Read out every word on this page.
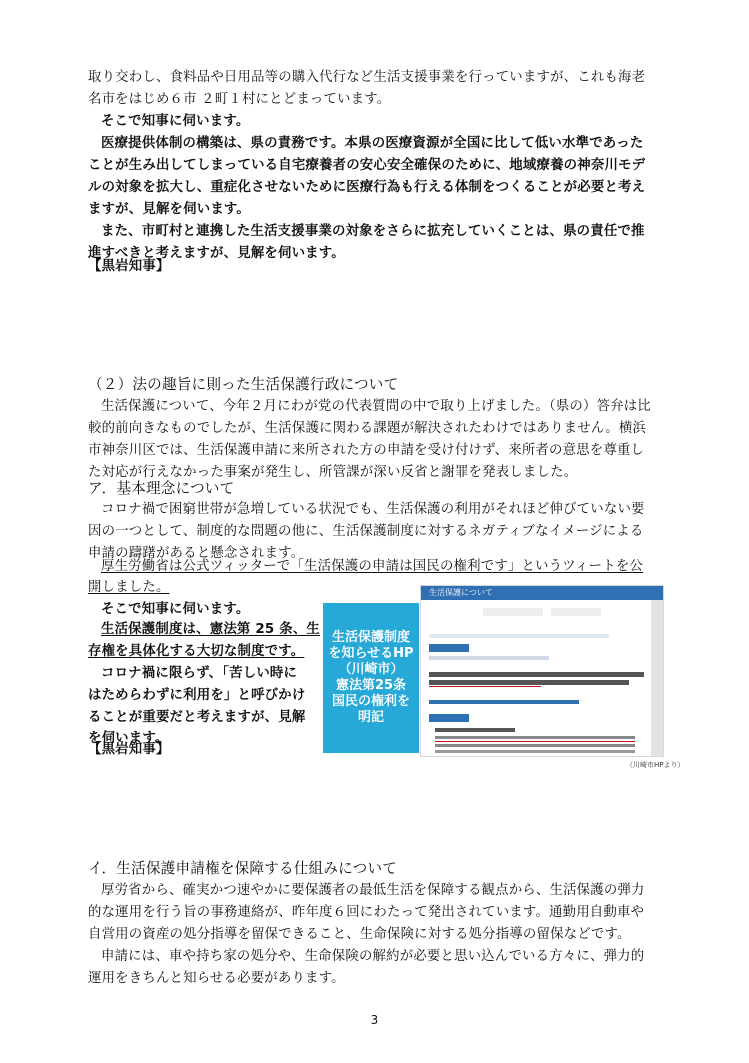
取り交わし、食料品や日用品等の購入代行など生活支援事業を行っていますが、これも海老
名市をはじめ６市 ２町１村にとどまっています。
そこで知事に伺います。
医療提供体制の構築は、県の責務です。本県の医療資源が全国に比して低い水準であった
ことが生み出してしまっている自宅療養者の安心安全確保のために、地域療養の神奈川モデ
ルの対象を拡大し、重症化させないために医療行為も行える体制をつくることが必要と考え
ますが、見解を伺います。
また、市町村と連携した生活支援事業の対象をさらに拡充していくことは、県の責任で推
進すべきと考えますが、見解を伺います。
【黒岩知事】
（２）法の趣旨に則った生活保護行政について
生活保護について、今年２月にわが党の代表質問の中で取り上げました。（県の）答弁は比
較的前向きなものでしたが、生活保護に関わる課題が解決されたわけではありません。横浜
市神奈川区では、生活保護申請に来所された方の申請を受け付けず、来所者の意思を尊重し
た対応が行えなかった事案が発生し、所管課が深い反省と謝罪を発表しました。
ア．基本理念について
コロナ禍で困窮世帯が急増している状況でも、生活保護の利用がそれほど伸びていない要
因の一つとして、制度的な問題の他に、生活保護制度に対するネガティブなイメージによる
申請の躊躇があると懸念されます。
厚生労働省は公式ツィッターで「生活保護の申請は国民の権利です」というツィートを公
開しました。
そこで知事に伺います。
生活保護制度は、憲法第 25 条、生
存権を具体化する大切な制度です。
コロナ禍に限らず、「苦しい時に
はためらわずに利用を」と呼びかけ
ることが重要だと考えますが、見解
を伺います。
【黒岩知事】
生活保護制度
を知らせるHP
（川崎市）
憲法第25条
国民の権利を
明記
生活保護について
（川崎市HPより）
イ．生活保護申請権を保障する仕組みについて
厚労省から、確実かつ速やかに要保護者の最低生活を保障する観点から、生活保護の弾力
的な運用を行う旨の事務連絡が、昨年度６回にわたって発出されています。通勤用自動車や
自営用の資産の処分指導を留保できること、生命保険に対する処分指導の留保などです。
申請には、車や持ち家の処分や、生命保険の解約が必要と思い込んでいる方々に、弾力的
運用をきちんと知らせる必要があります。
3
